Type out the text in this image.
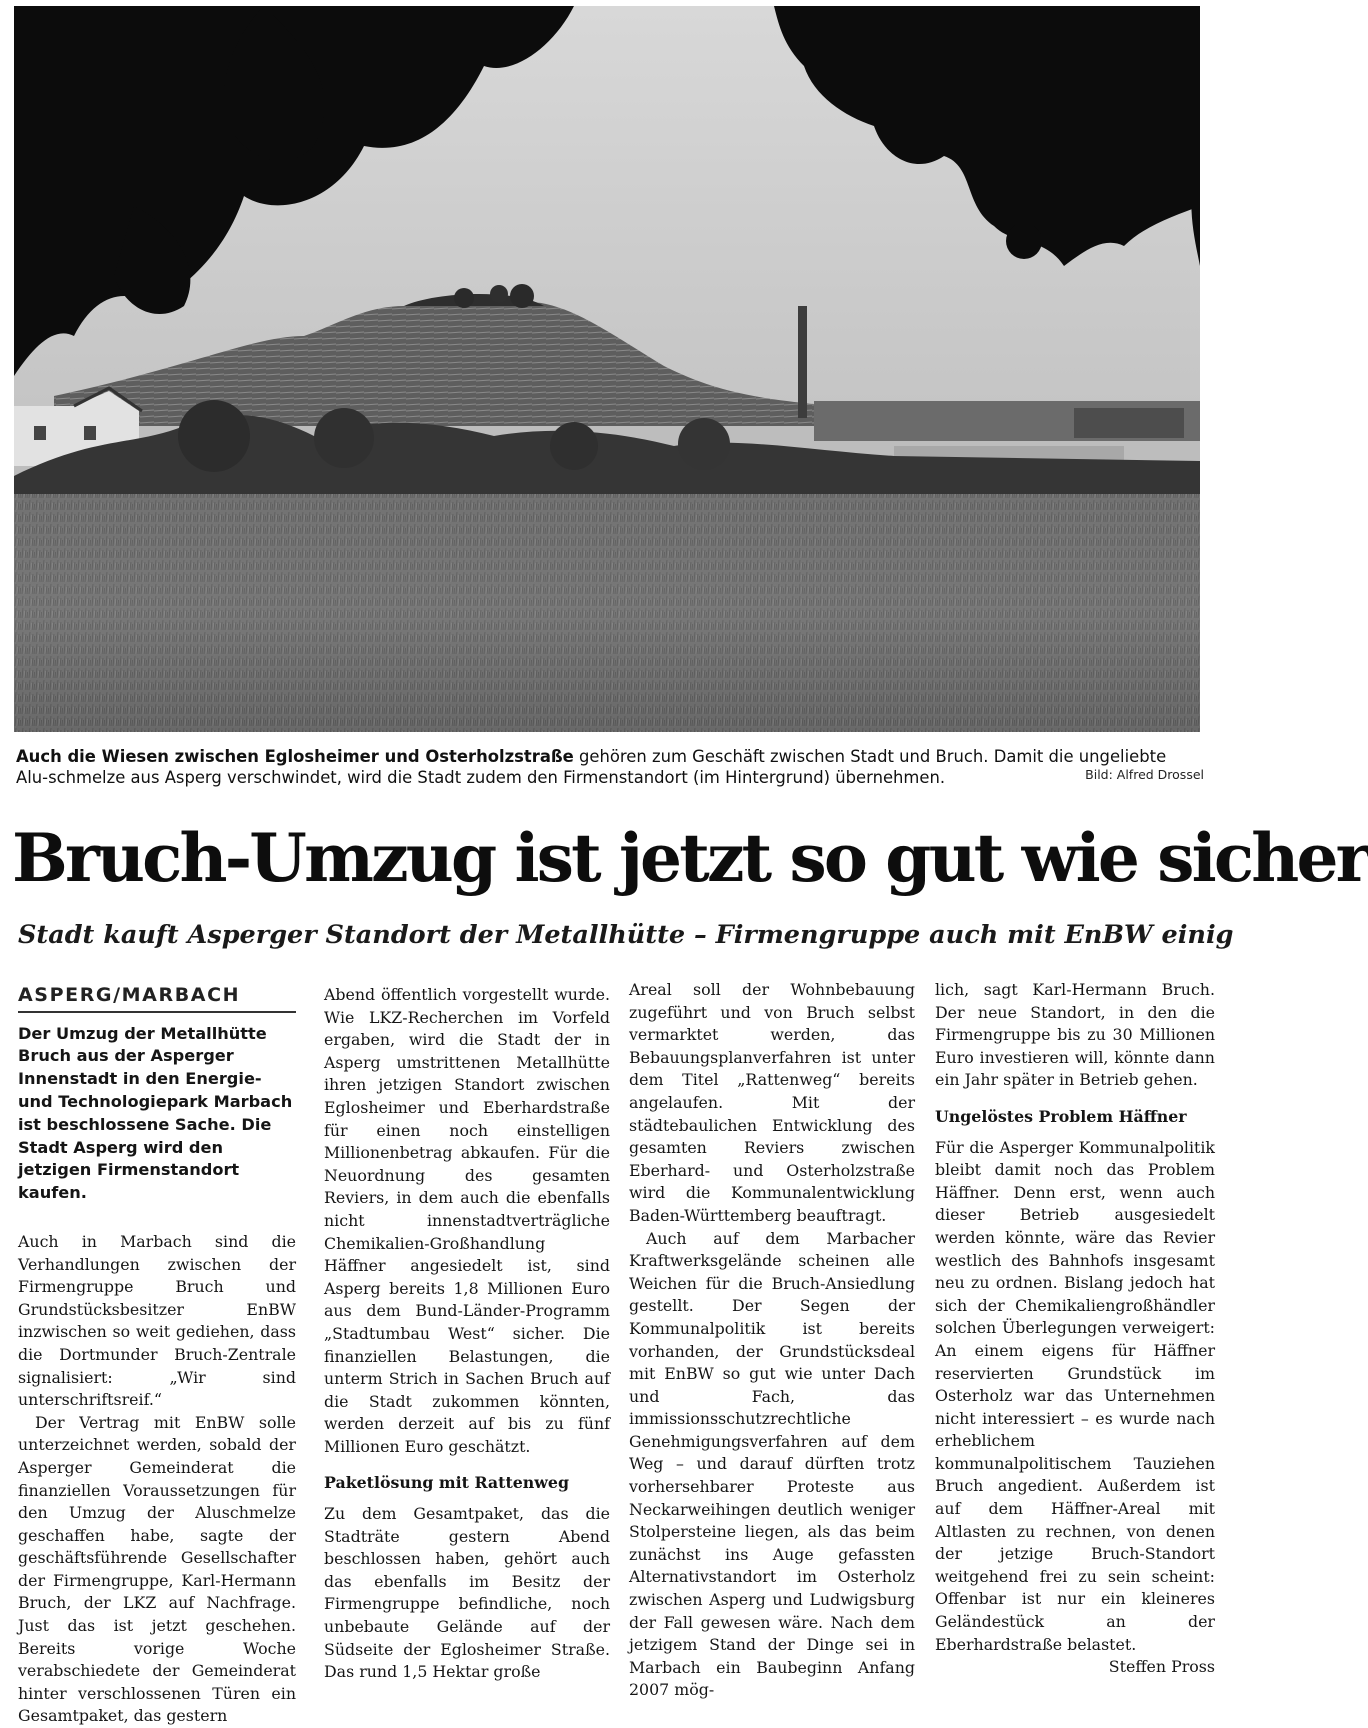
Auch die Wiesen zwischen Eglosheimer und Osterholzstraße gehören zum Geschäft zwischen Stadt und Bruch. Damit die ungeliebte Alu-schmelze aus Asperg verschwindet, wird die Stadt zudem den Firmenstandort (im Hintergrund) übernehmen.	Bild: Alfred Drossel
Bruch-Umzug ist jetzt so gut wie sicher
Stadt kauft Asperger Standort der Metallhütte – Firmengruppe auch mit EnBW einig
ASPERG/MARBACH
Der Umzug der Metallhütte Bruch aus der Asperger Innenstadt in den Energie- und Technologiepark Marbach ist beschlossene Sache. Die Stadt Asperg wird den jetzigen Firmenstandort kaufen.

Auch in Marbach sind die Verhandlungen zwischen der Firmengruppe Bruch und Grundstücksbesitzer EnBW inzwischen so weit gediehen, dass die Dortmunder Bruch-Zentrale signalisiert: „Wir sind unterschriftsreif.“

Der Vertrag mit EnBW solle unterzeichnet werden, sobald der Asperger Gemeinderat die finanziellen Voraussetzungen für den Umzug der Aluschmelze geschaffen habe, sagte der geschäftsführende Gesellschafter der Firmengruppe, Karl-Hermann Bruch, der LKZ auf Nachfrage. Just das ist jetzt geschehen. Bereits vorige Woche verabschiedete der Gemeinderat hinter verschlossenen Türen ein Gesamtpaket, das gestern

Abend öffentlich vorgestellt wurde. Wie LKZ-Recherchen im Vorfeld ergaben, wird die Stadt der in Asperg umstrittenen Metallhütte ihren jetzigen Standort zwischen Eglosheimer und Eberhardstraße für einen noch einstelligen Millionenbetrag abkaufen. Für die Neuordnung des gesamten Reviers, in dem auch die ebenfalls nicht innenstadtverträgliche Chemikalien-Großhandlung Häffner angesiedelt ist, sind Asperg bereits 1,8 Millionen Euro aus dem Bund-Länder-Programm „Stadtumbau West“ sicher. Die finanziellen Belastungen, die unterm Strich in Sachen Bruch auf die Stadt zukommen könnten, werden derzeit auf bis zu fünf Millionen Euro geschätzt.

Paketlösung mit Rattenweg

Zu dem Gesamtpaket, das die Stadträte gestern Abend beschlossen haben, gehört auch das ebenfalls im Besitz der Firmengruppe befindliche, noch unbebaute Gelände auf der Südseite der Eglosheimer Straße. Das rund 1,5 Hektar große

Areal soll der Wohnbebauung zugeführt und von Bruch selbst vermarktet werden, das Bebauungsplanverfahren ist unter dem Titel „Rattenweg“ bereits angelaufen. Mit der städtebaulichen Entwicklung des gesamten Reviers zwischen Eberhard- und Osterholzstraße wird die Kommunalentwicklung Baden-Württemberg beauftragt.

Auch auf dem Marbacher Kraftwerksgelände scheinen alle Weichen für die Bruch-Ansiedlung gestellt. Der Segen der Kommunalpolitik ist bereits vorhanden, der Grundstücksdeal mit EnBW so gut wie unter Dach und Fach, das immissionsschutzrechtliche Genehmigungsverfahren auf dem Weg – und darauf dürften trotz vorhersehbarer Proteste aus Neckarweihingen deutlich weniger Stolpersteine liegen, als das beim zunächst ins Auge gefassten Alternativstandort im Osterholz zwischen Asperg und Ludwigsburg der Fall gewesen wäre. Nach dem jetzigem Stand der Dinge sei in Marbach ein Baubeginn Anfang 2007 mög-

lich, sagt Karl-Hermann Bruch. Der neue Standort, in den die Firmengruppe bis zu 30 Millionen Euro investieren will, könnte dann ein Jahr später in Betrieb gehen.

Ungelöstes Problem Häffner

Für die Asperger Kommunalpolitik bleibt damit noch das Problem Häffner. Denn erst, wenn auch dieser Betrieb ausgesiedelt werden könnte, wäre das Revier westlich des Bahnhofs insgesamt neu zu ordnen. Bislang jedoch hat sich der Chemikaliengroßhändler solchen Überlegungen verweigert: An einem eigens für Häffner reservierten Grundstück im Osterholz war das Unternehmen nicht interessiert – es wurde nach erheblichem kommunalpolitischem Tauziehen Bruch angedient. Außerdem ist auf dem Häffner-Areal mit Altlasten zu rechnen, von denen der jetzige Bruch-Standort weitgehend frei zu sein scheint: Offenbar ist nur ein kleineres Geländestück an der Eberhardstraße belastet.

Steffen Pross
